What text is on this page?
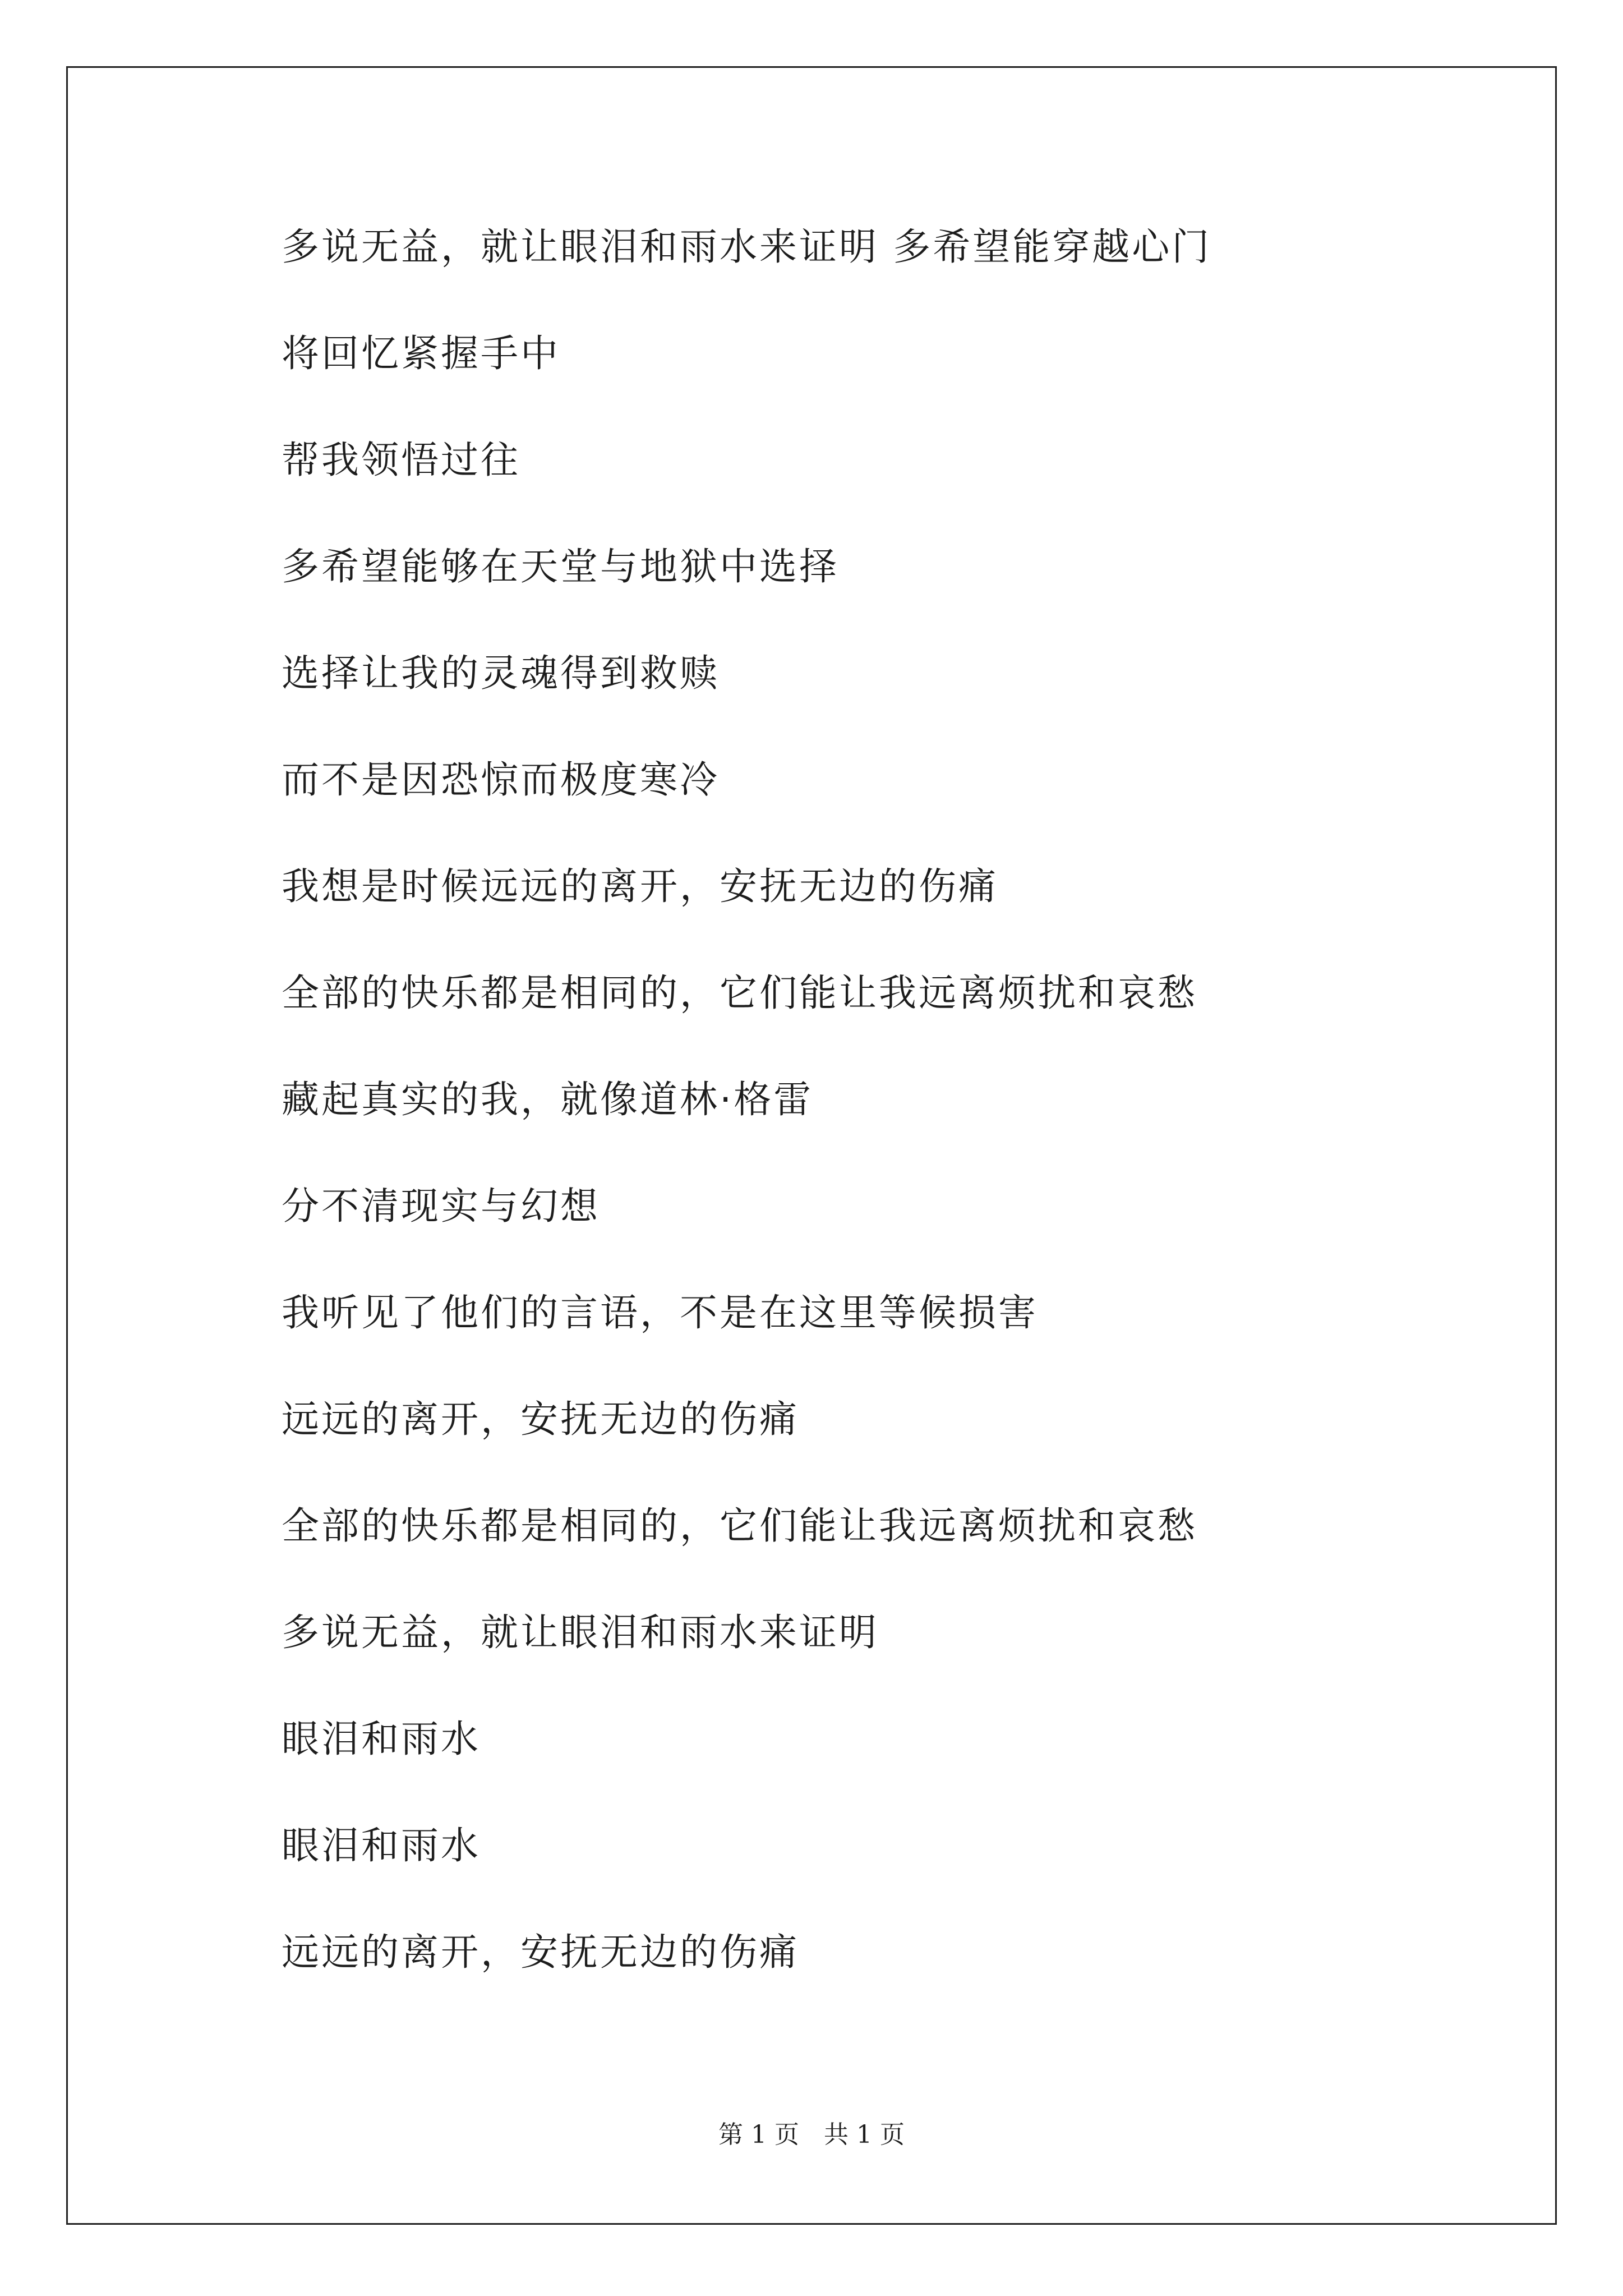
多说无益，就让眼泪和雨水来证明 多希望能穿越心门
将回忆紧握手中
帮我领悟过往
多希望能够在天堂与地狱中选择
选择让我的灵魂得到救赎
而不是因恐惊而极度寒冷
我想是时候远远的离开，安抚无边的伤痛
全部的快乐都是相同的，它们能让我远离烦扰和哀愁
藏起真实的我，就像道林·格雷
分不清现实与幻想
我听见了他们的言语，不是在这里等候损害
远远的离开，安抚无边的伤痛
全部的快乐都是相同的，它们能让我远离烦扰和哀愁
多说无益，就让眼泪和雨水来证明
眼泪和雨水
眼泪和雨水
远远的离开，安抚无边的伤痛
第 1 页 共 1 页
